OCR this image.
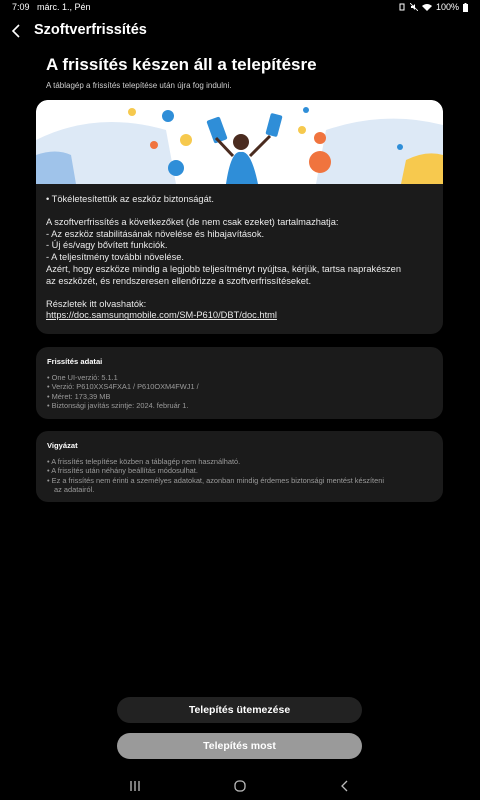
7:09 márc. 1., Pén	100%
Szoftverfrissítés
A frissítés készen áll a telepítésre
A táblagép a frissítés telepítése után újra fog indulni.

• Tökéletesítettük az eszköz biztonságát.

A szoftverfrissítés a következőket (de nem csak ezeket) tartalmazhatja:

- Az eszköz stabilitásának növelése és hibajavítások.

- Új és/vagy bővített funkciók.

- A teljesítmény további növelése.

Azért, hogy eszköze mindig a legjobb teljesítményt nyújtsa, kérjük, tartsa naprakészen

az eszközét, és rendszeresen ellenőrizze a szoftverfrissítéseket.

Részletek itt olvashatók:

https://doc.samsungmobile.com/SM-P610/DBT/doc.html

Frissítés adatai
• One UI-verzió: 5.1.1
• Verzió: P610XXS4FXA1 / P610OXM4FWJ1 /
• Méret: 173,39 MB
• Biztonsági javítás szintje: 2024. február 1.
Vigyázat
• A frissítés telepítése közben a táblagép nem használható.
• A frissítés után néhány beállítás módosulhat.
• Ez a frissítés nem érinti a személyes adatokat, azonban mindig érdemes biztonsági mentést készíteni
az adatairól.
Telepítés ütemezése
Telepítés most
